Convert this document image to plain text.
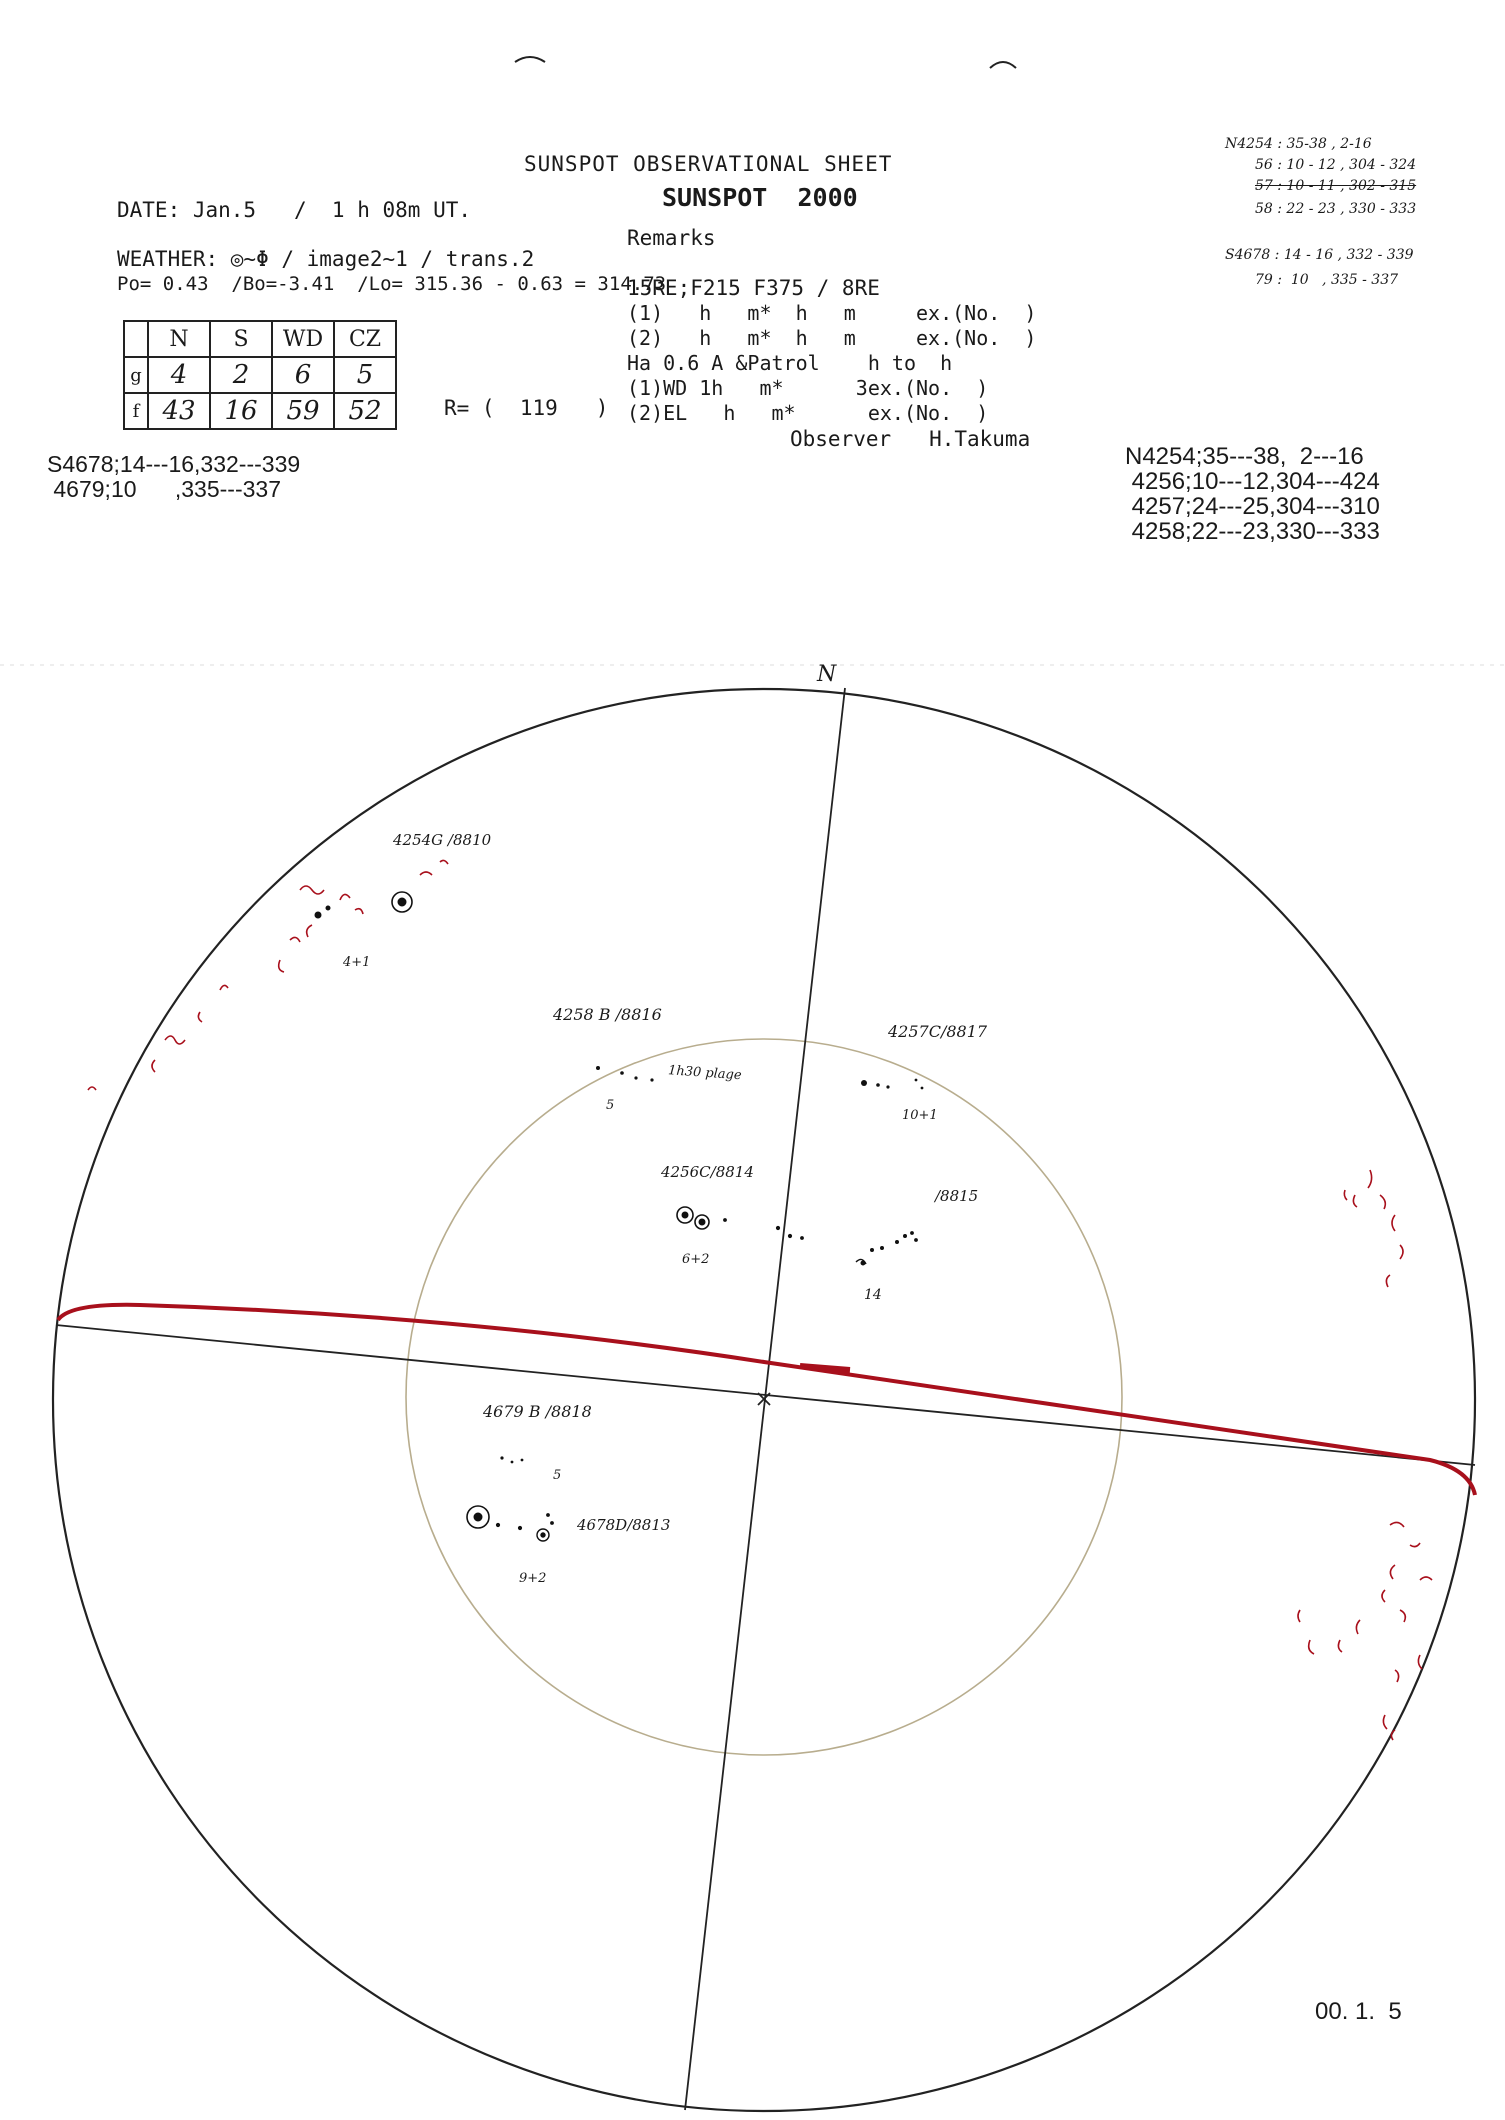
SUNSPOT OBSERVATIONAL SHEET
SUNSPOT  2000
DATE: Jan.5   /  1 h 08m UT.
WEATHER: ◎~Φ / image2~1 / trans.2
Po= 0.43  /Bo=-3.41  /Lo= 315.36 - 0.63 = 314.73
	N	S	WD	CZ
g	4	2	6	5
f	43	16	59	52	R= (  119   )
Remarks
15RE;F215 F375 / 8RE
(1)   h   m*  h   m     ex.(No.  )
(2)   h   m*  h   m     ex.(No.  )
Ha 0.6 A &Patrol    h to  h
(1)WD 1h   m*      3ex.(No.  )
(2)EL   h   m*      ex.(No.  )
Observer   H.Takuma
N4254 : 35-38 , 2-16
56 : 10 - 12 , 304 - 324
57 : 10 - 11 , 302 - 315
58 : 22 - 23 , 330 - 333
S4678 : 14 - 16 , 332 - 339
79 :  10   , 335 - 337
S4678;14---16,332---339
4679;10      ,335---337
N4254;35---38,  2---16
4256;10---12,304---424
4257;24---25,304---310
4258;22---23,330---333
N
4254G /8810
4+1
4258 B /8816
5
1h30 plage
4257C/8817
10+1
4256C/8814
6+2
/8815
14
4679 B /8818
5
4678D/8813
9+2
00. 1.  5
